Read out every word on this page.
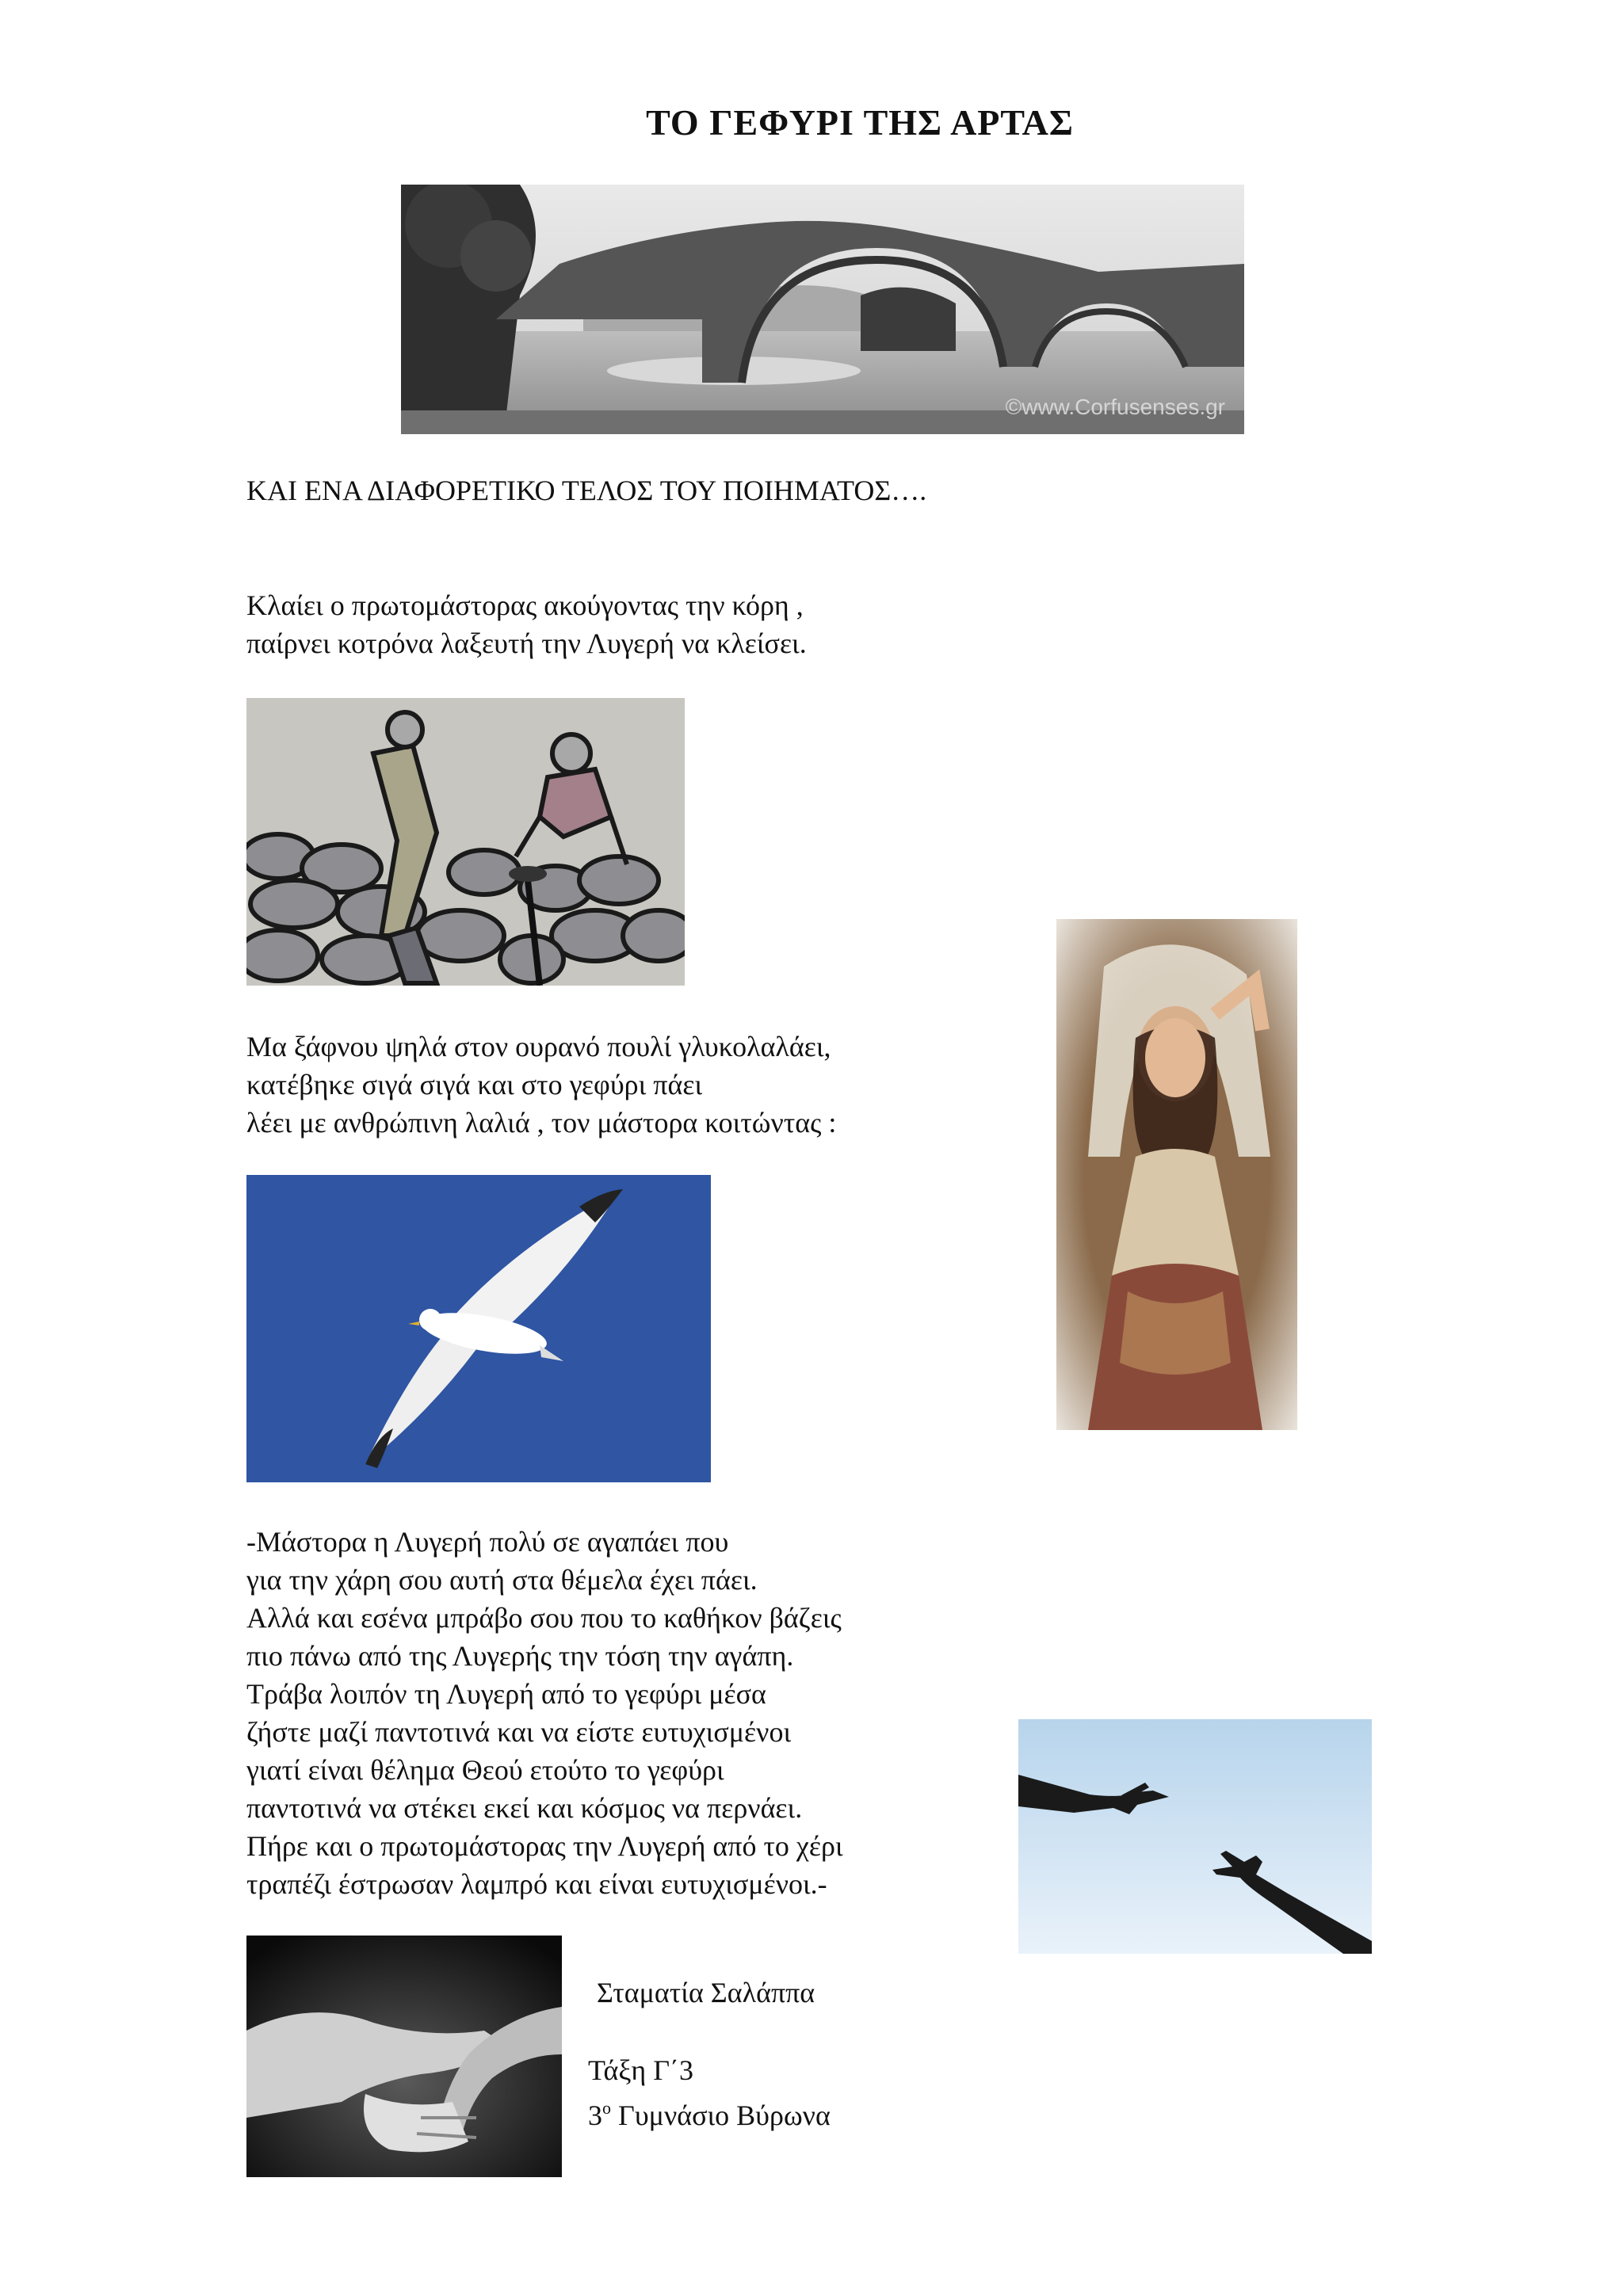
ΤΟ ΓΕΦΥΡΙ ΤΗΣ ΑΡΤΑΣ
©www.Corfusenses.gr
ΚΑΙ ΕΝΑ ΔΙΑΦΟΡΕΤΙΚΟ ΤΕΛΟΣ ΤΟΥ ΠΟΙΗΜΑΤΟΣ….
Κλαίει ο πρωτομάστορας ακούγοντας την κόρη ,
παίρνει κοτρόνα λαξευτή την Λυγερή να κλείσει.
Μα ξάφνου ψηλά στον ουρανό πουλί γλυκολαλάει,
κατέβηκε σιγά σιγά και στο γεφύρι πάει
λέει με ανθρώπινη λαλιά , τον μάστορα κοιτώντας :
-Μάστορα η Λυγερή πολύ σε αγαπάει που
για την χάρη σου αυτή στα θέμελα έχει πάει.
Αλλά και εσένα μπράβο σου που το καθήκον βάζεις
πιο πάνω από της Λυγερής την τόση την αγάπη.
Τράβα λοιπόν τη Λυγερή από το γεφύρι μέσα
ζήστε μαζί παντοτινά και να είστε ευτυχισμένοι
γιατί είναι θέλημα Θεού ετούτο το γεφύρι
παντοτινά να στέκει εκεί και κόσμος να περνάει.
Πήρε και ο πρωτομάστορας την Λυγερή από το χέρι
τραπέζι έστρωσαν λαμπρό και είναι ευτυχισμένοι.-
Σταματία Σαλάππα
Τάξη Γ΄3
$3^o$ Γυμνάσιο Βύρωνα
